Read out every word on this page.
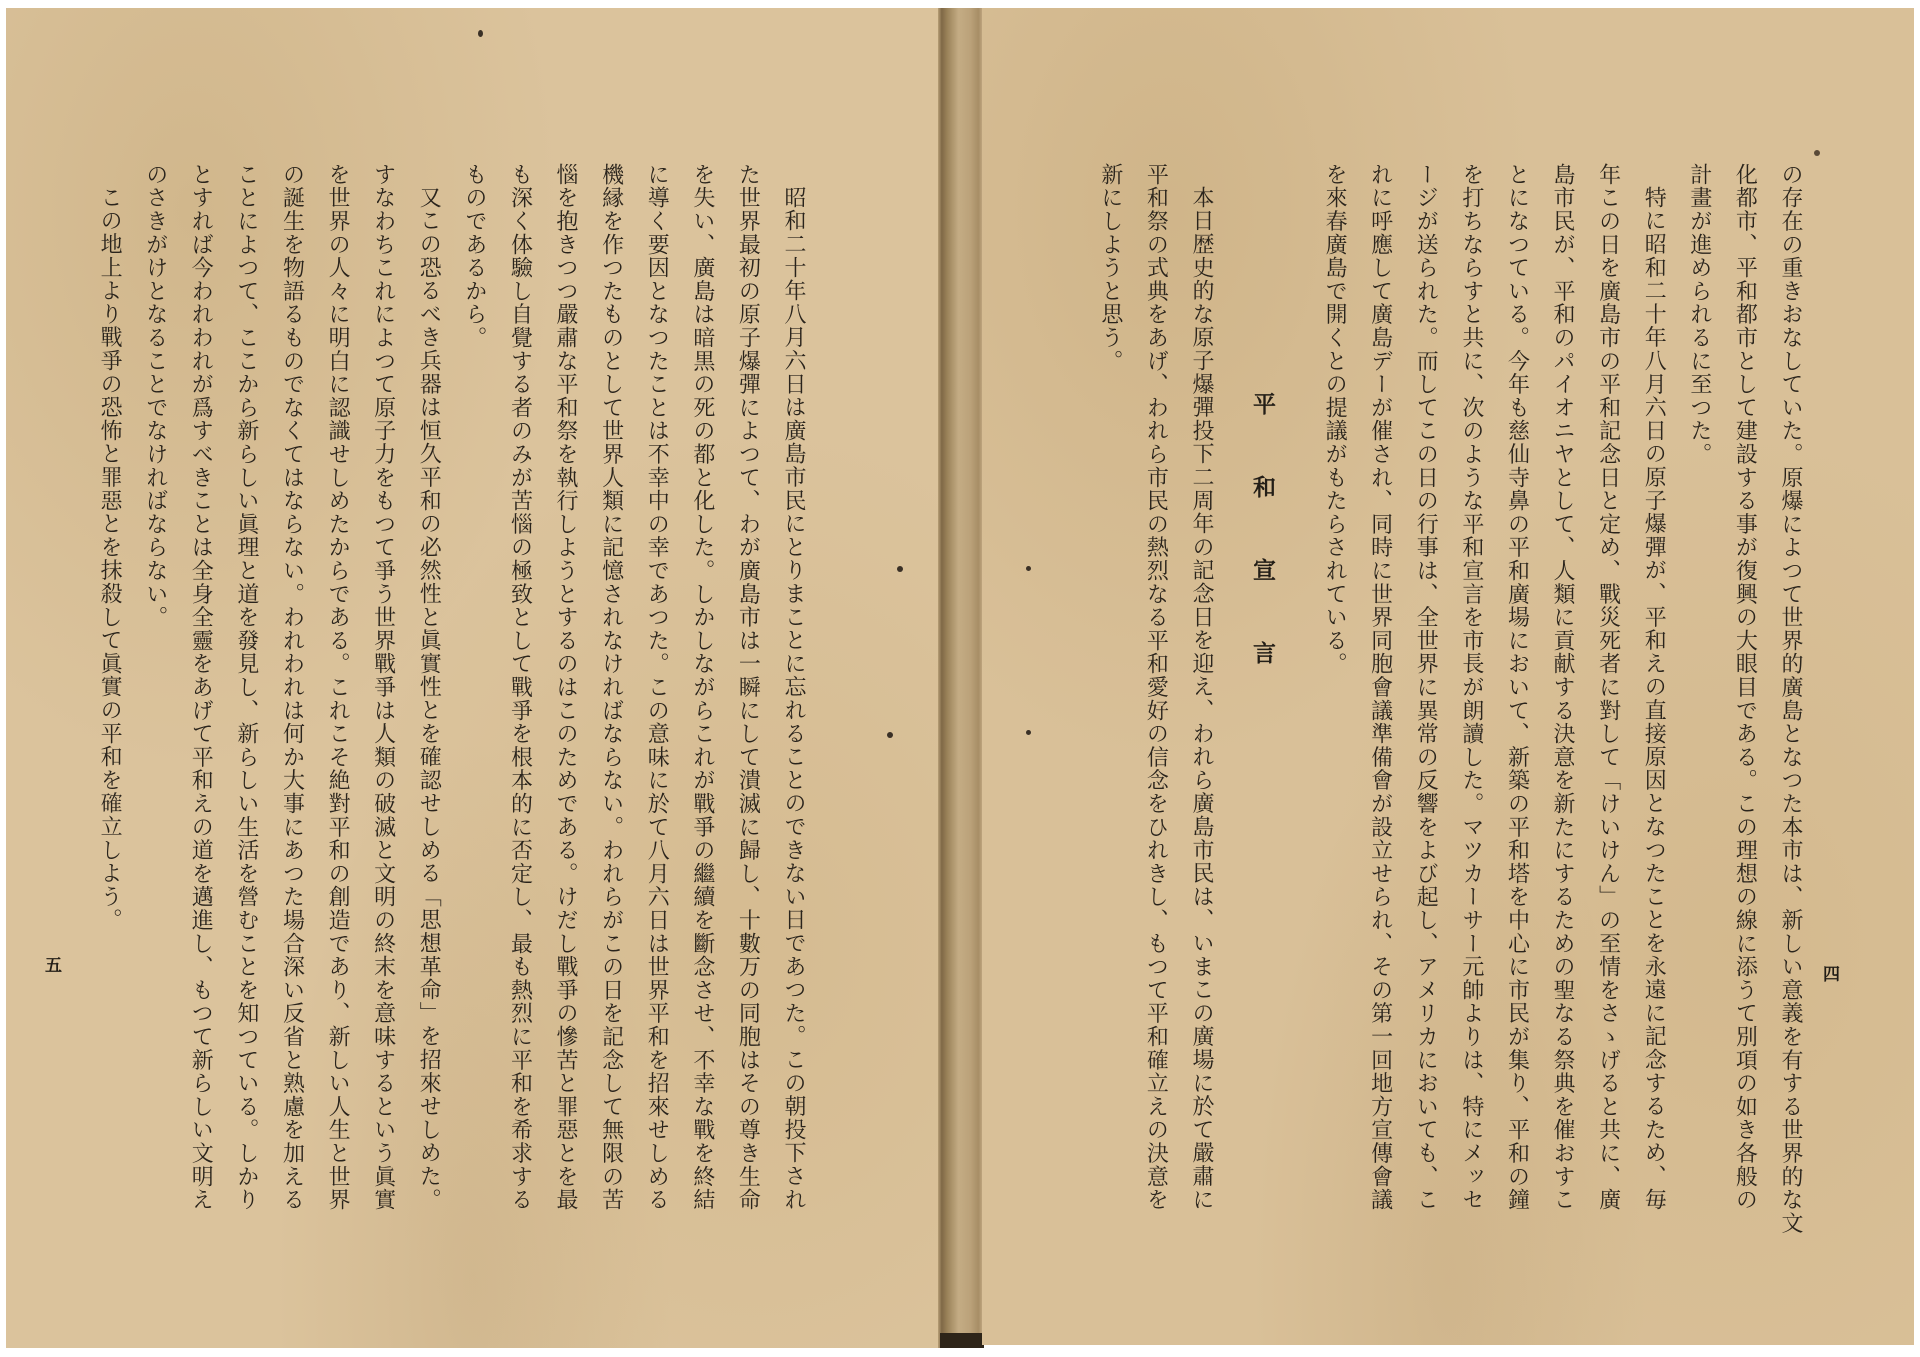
昭和二十年八月六日は廣島市民にとりまことに忘れることのできない日であつた。この朝投下され
た世界最初の原子爆彈によつて、わが廣島市は一瞬にして潰滅に歸し、十數万の同胞はその尊き生命
を失い、廣島は暗黒の死の都と化した。しかしながらこれが戰爭の繼續を斷念させ、不幸な戰を終結
に導く要因となつたことは不幸中の幸であつた。この意味に於て八月六日は世界平和を招來せしめる
機縁を作つたものとして世界人類に記憶されなければならない。われらがこの日を記念して無限の苦
惱を抱きつつ嚴肅な平和祭を執行しようとするのはこのためである。けだし戰爭の慘苦と罪惡とを最
も深く体驗し自覺する者のみが苦惱の極致として戰爭を根本的に否定し、最も熱烈に平和を希求する
ものであるから。
又この恐るべき兵器は恒久平和の必然性と眞實性とを確認せしめる「思想革命」を招來せしめた。
すなわちこれによつて原子力をもつて爭う世界戰爭は人類の破滅と文明の終末を意味するという眞實
を世界の人々に明白に認識せしめたからである。これこそ絶對平和の創造であり、新しい人生と世界
の誕生を物語るものでなくてはならない。われわれは何か大事にあつた場合深い反省と熟慮を加える
ことによつて、ここから新らしい眞理と道を發見し、新らしい生活を營むことを知つている。しかり
とすれば今われわれが爲すべきことは全身全靈をあげて平和えの道を邁進し、もつて新らしい文明え
のさきがけとなることでなければならない。
この地上より戰爭の恐怖と罪惡とを抹殺して眞實の平和を確立しよう。
五	の存在の重きおなしていた。原爆によつて世界的廣島となつた本市は、新しい意義を有する世界的な文
化都市、平和都市として建設する事が復興の大眼目である。この理想の線に添うて別項の如き各般の
計畫が進められるに至つた。
特に昭和二十年八月六日の原子爆彈が、平和えの直接原因となつたことを永遠に記念するため、毎
年この日を廣島市の平和記念日と定め、戰災死者に對して「けいけん」の至情をさゝげると共に、廣
島市民が、平和のパイオニヤとして、人類に貢献する決意を新たにするための聖なる祭典を催おすこ
とになつている。今年も慈仙寺鼻の平和廣場において、新築の平和塔を中心に市民が集り、平和の鐘
を打ちならすと共に、次のような平和宣言を市長が朗讀した。マツカーサー元帥よりは、特にメッセ
ージが送られた。而してこの日の行事は、全世界に異常の反響をよび起し、アメリカにおいても、こ
れに呼應して廣島デーが催され、同時に世界同胞會議準備會が設立せられ、その第一回地方宣傳會議
を來春廣島で開くとの提議がもたらされている。
平和宣言
本日歴史的な原子爆彈投下二周年の記念日を迎え、われら廣島市民は、いまこの廣場に於て嚴肅に
平和祭の式典をあげ、われら市民の熱烈なる平和愛好の信念をひれきし、もつて平和確立えの決意を
新にしようと思う。
四
